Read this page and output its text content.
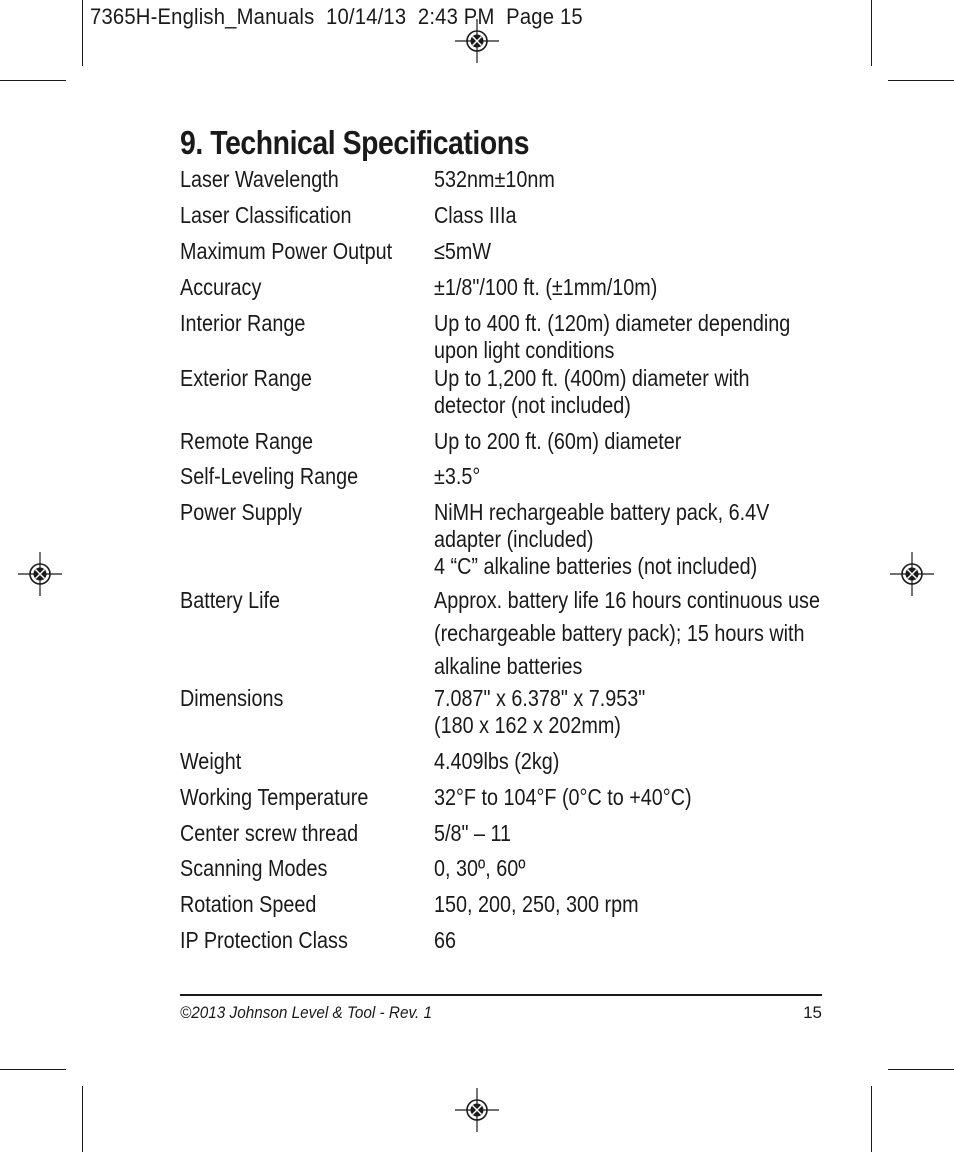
7365H-English_Manuals  10/14/13  2:43 PM  Page 15
9. Technical Specifications
Laser Wavelength	532nm±10nm
Laser Classification	Class IIIa
Maximum Power Output ≤5mW
Accuracy	±1/8"/100 ft. (±1mm/10m)
Interior Range	Up to 400 ft. (120m) diameter depending
upon light conditions
Exterior Range	Up to 1,200 ft. (400m) diameter with
detector (not included)
Remote Range	Up to 200 ft. (60m) diameter
Self-Leveling Range	±3.5°
Power Supply	NiMH rechargeable battery pack, 6.4V
adapter (included)
4 “C” alkaline batteries (not included)
Battery Life	Approx. battery life 16 hours continuous use
(rechargeable battery pack); 15 hours with
alkaline batteries
Dimensions	7.087" x 6.378" x 7.953"
(180 x 162 x 202mm)
Weight	4.409lbs (2kg)
Working Temperature	32°F to 104°F (0°C to +40°C)
Center screw thread	5/8" – 11
Scanning Modes	0, 30º, 60º
Rotation Speed	150, 200, 250, 300 rpm
IP Protection Class	66
©2013 Johnson Level & Tool - Rev. 1	15
